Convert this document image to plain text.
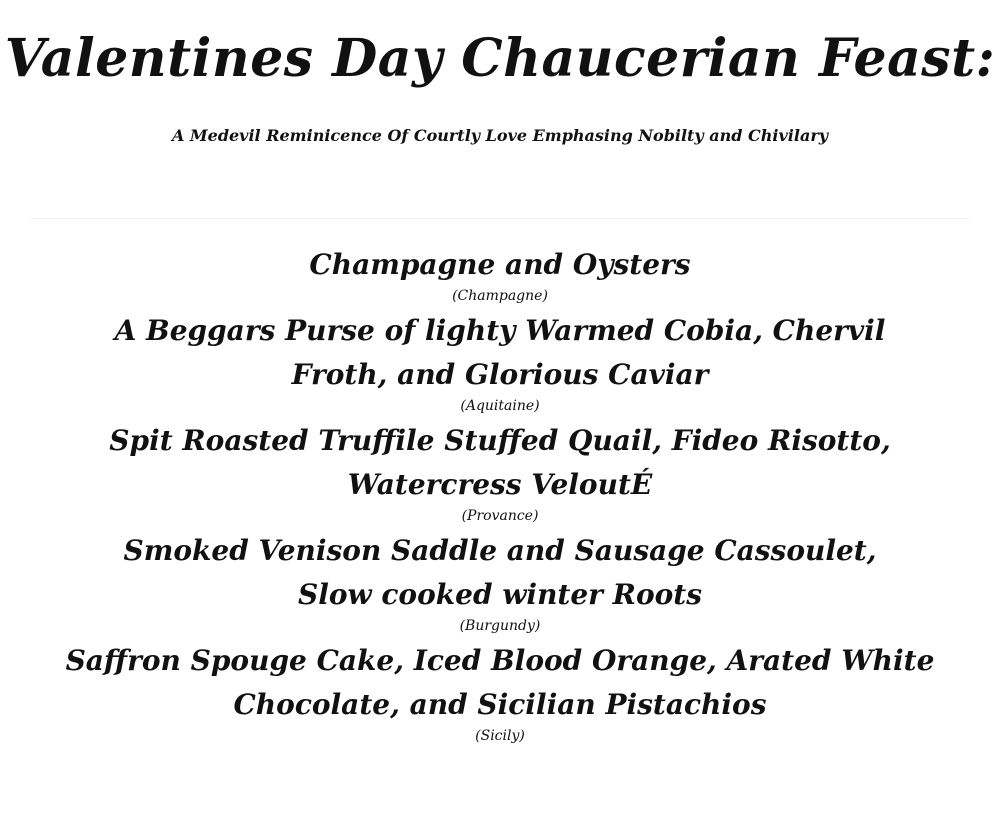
Valentines Day Chaucerian Feast:
A Medevil Reminicence Of Courtly Love Emphasing Nobilty and Chivilary
Champagne and Oysters
(Champagne)
A Beggars Purse of lighty Warmed Cobia, Chervil Froth, and Glorious Caviar
(Aquitaine)
Spit Roasted Truffile Stuffed Quail, Fideo Risotto, Watercress VeloutÉ
(Provance)
Smoked Venison Saddle and Sausage Cassoulet, Slow cooked winter Roots
(Burgundy)
Saffron Spouge Cake, Iced Blood Orange, Arated White Chocolate, and Sicilian Pistachios
(Sicily)
